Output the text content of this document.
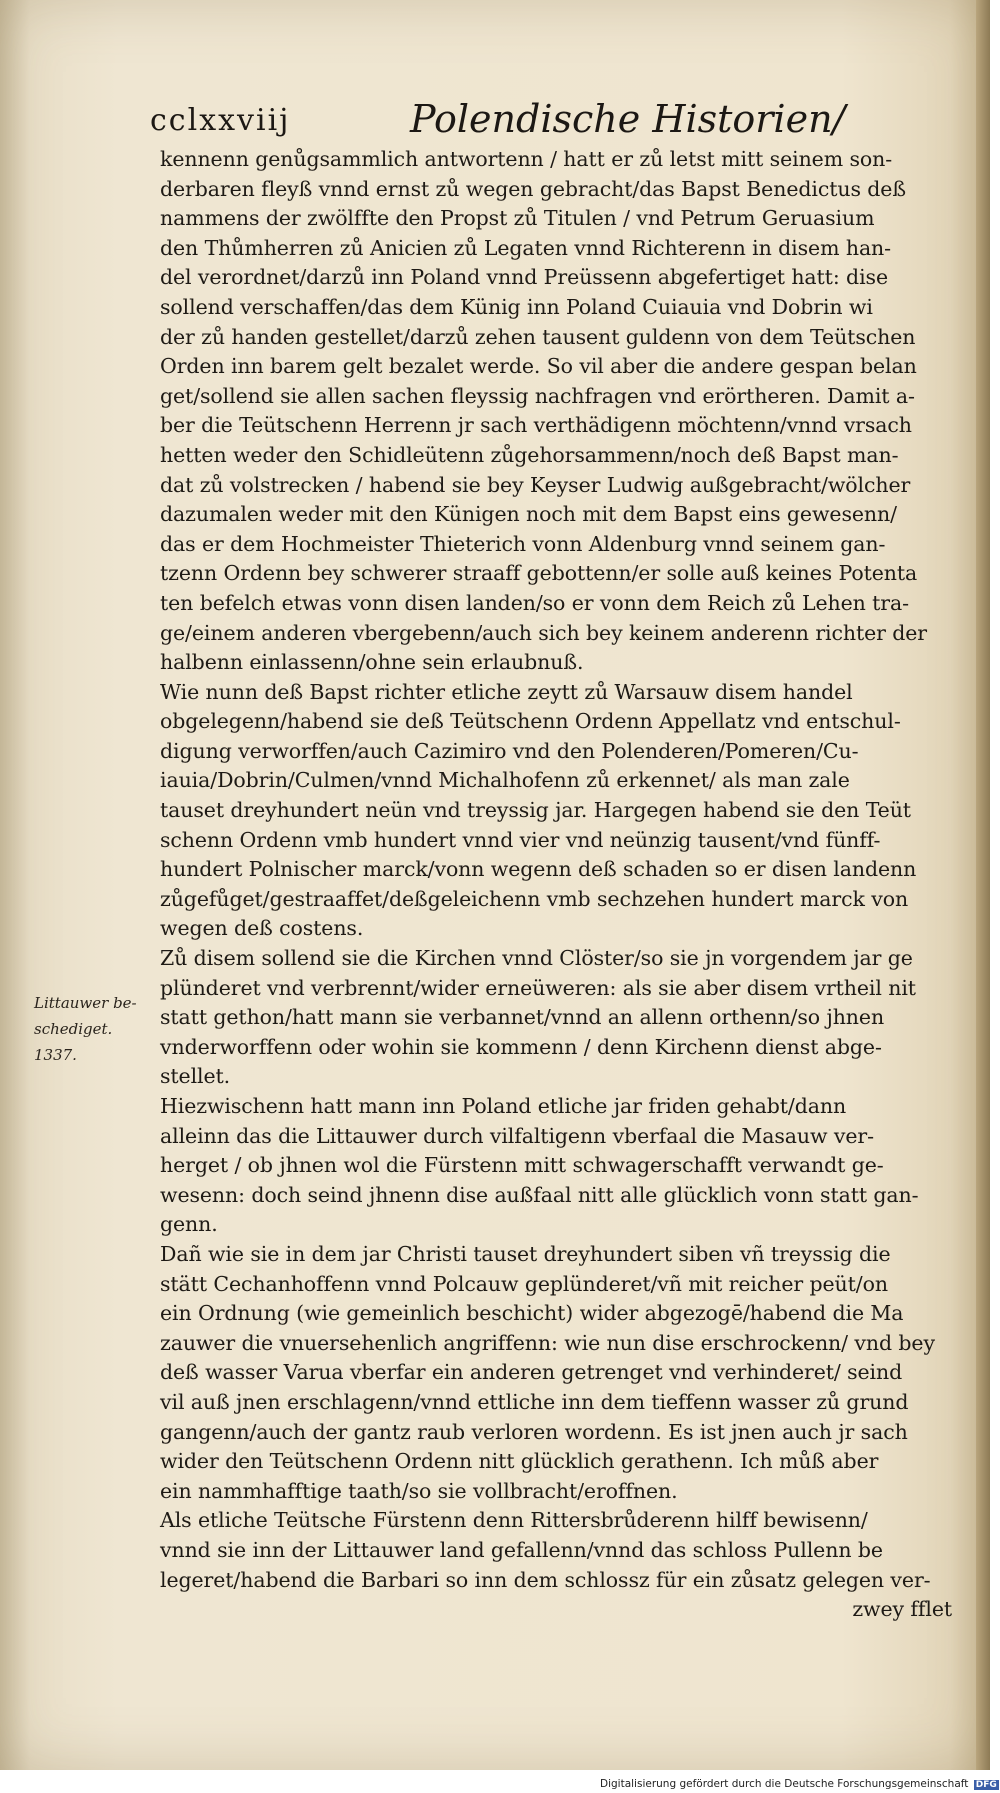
cclxxviij	Polendische Historien/
Littauwer be-
schediget. 1337.
kennenn genůgsammlich antwortenn / hatt er zů letst mitt seinem son-
derbaren fleyß vnnd ernst zů wegen gebracht/das Bapst Benedictus deß
nammens der zwölffte den Propst zů Titulen / vnd Petrum Geruasium
den Thůmherren zů Anicien zů Legaten vnnd Richterenn in disem han-
del verordnet/darzů inn Poland vnnd Preüssenn abgefertiget hatt: dise
sollend verschaffen/das dem Künig inn Poland Cuiauia vnd Dobrin wi
der zů handen gestellet/darzů zehen tausent guldenn von dem Teütschen
Orden inn barem gelt bezalet werde. So vil aber die andere gespan belan
get/sollend sie allen sachen fleyssig nachfragen vnd erörtheren. Damit a-
ber die Teütschenn Herrenn jr sach verthädigenn möchtenn/vnnd vrsach
hetten weder den Schidleütenn zůgehorsammenn/noch deß Bapst man-
dat zů volstrecken / habend sie bey Keyser Ludwig außgebracht/wölcher
dazumalen weder mit den Künigen noch mit dem Bapst eins gewesenn/
das er dem Hochmeister Thieterich vonn Aldenburg vnnd seinem gan-
tzenn Ordenn bey schwerer straaff gebottenn/er solle auß keines Potenta
ten befelch etwas vonn disen landen/so er vonn dem Reich zů Lehen tra-
ge/einem anderen vbergebenn/auch sich bey keinem anderenn richter der
halbenn einlassenn/ohne sein erlaubnuß.
Wie nunn deß Bapst richter etliche zeytt zů Warsauw disem handel
obgelegenn/habend sie deß Teütschenn Ordenn Appellatz vnd entschul-
digung verworffen/auch Cazimiro vnd den Polenderen/Pomeren/Cu-
iauia/Dobrin/Culmen/vnnd Michalhofenn zů erkennet/ als man zale
tauset dreyhundert neün vnd treyssig jar. Hargegen habend sie den Teüt
schenn Ordenn vmb hundert vnnd vier vnd neünzig tausent/vnd fünff-
hundert Polnischer marck/vonn wegenn deß schaden so er disen landenn
zůgefůget/gestraaffet/deßgeleichenn vmb sechzehen hundert marck von
wegen deß costens.
Zů disem sollend sie die Kirchen vnnd Clöster/so sie jn vorgendem jar ge
plünderet vnd verbrennt/wider erneüweren: als sie aber disem vrtheil nit
statt gethon/hatt mann sie verbannet/vnnd an allenn orthenn/so jhnen
vnderworffenn oder wohin sie kommenn / denn Kirchenn dienst abge-
stellet.
Hiezwischenn hatt mann inn Poland etliche jar friden gehabt/dann
alleinn das die Littauwer durch vilfaltigenn vberfaal die Masauw ver-
herget / ob jhnen wol die Fürstenn mitt schwagerschafft verwandt ge-
wesenn: doch seind jhnenn dise außfaal nitt alle glücklich vonn statt gan-
genn.
Dañ wie sie in dem jar Christi tauset dreyhundert siben vñ treyssig die
stätt Cechanhoffenn vnnd Polcauw geplünderet/vñ mit reicher peüt/on
ein Ordnung (wie gemeinlich beschicht) wider abgezogē/habend die Ma
zauwer die vnuersehenlich angriffenn: wie nun dise erschrockenn/ vnd bey
deß wasser Varua vberfar ein anderen getrenget vnd verhinderet/ seind
vil auß jnen erschlagenn/vnnd ettliche inn dem tieffenn wasser zů grund
gangenn/auch der gantz raub verloren wordenn. Es ist jnen auch jr sach
wider den Teütschenn Ordenn nitt glücklich gerathenn. Ich můß aber
ein nammhafftige taath/so sie vollbracht/eroffnen.
Als etliche Teütsche Fürstenn denn Rittersbrůderenn hilff bewisenn/
vnnd sie inn der Littauwer land gefallenn/vnnd das schloss Pullenn be
legeret/habend die Barbari so inn dem schlossz für ein zůsatz gelegen ver-
zwey fflet
Digitalisierung gefördert durch die Deutsche Forschungsgemeinschaft DFG
